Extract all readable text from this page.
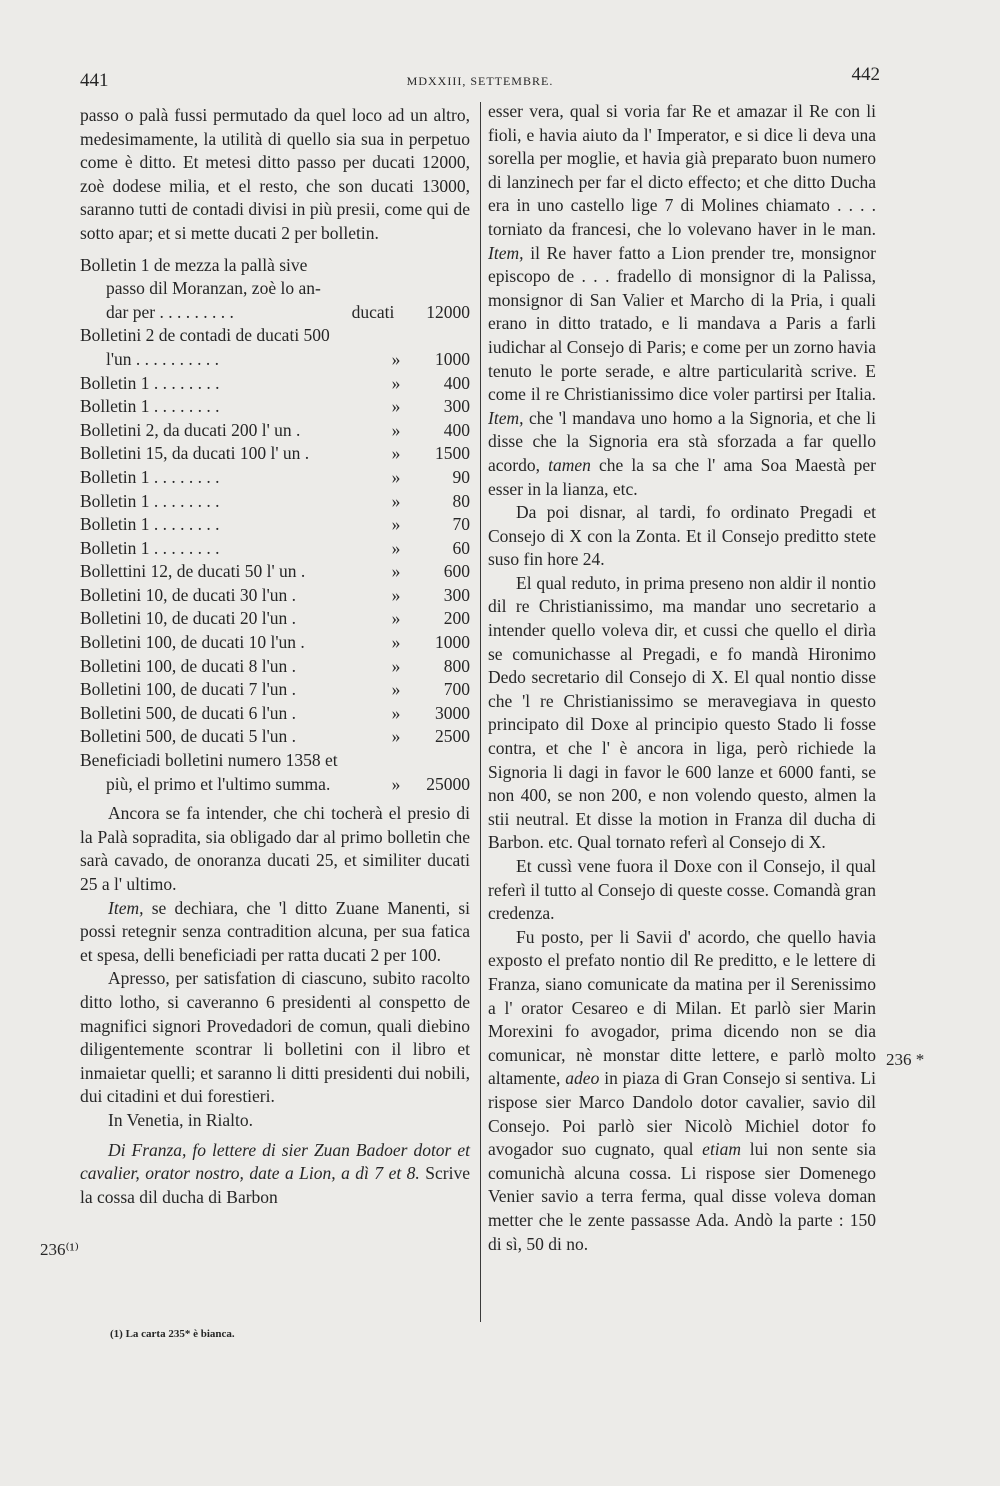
441	MDXXIII, SETTEMBRE.	442

passo o palà fussi permutado da quel loco ad un altro, medesimamente, la utilità di quello sia sua in perpetuo come è ditto. Et metesi ditto passo per ducati 12000, zoè dodese milia, et el resto, che son ducati 13000, saranno tutti de contadi divisi in più presii, come qui de sotto apar; et si mette ducati 2 per bolletin.

Bolletin 1 de mezza la pallà sive
passo dil Moranzan, zoè lo an-
dar per . . . . . . . . .	ducati	12000
Bolletini 2 de contadi de ducati 500
l'un . . . . . . . . . .	»	1000
Bolletin 1 . . . . . . . .	»	400
Bolletin 1 . . . . . . . .	»	300
Bolletini 2, da ducati 200 l' un .	»	400
Bolletini 15, da ducati 100 l' un .	»	1500
Bolletin 1 . . . . . . . .	»	90
Bolletin 1 . . . . . . . .	»	80
Bolletin 1 . . . . . . . .	»	70
Bolletin 1 . . . . . . . .	»	60
Bollettini 12, de ducati 50 l' un .	»	600
Bolletini 10, de ducati 30 l'un .	»	300
Bolletini 10, de ducati 20 l'un .	»	200
Bolletini 100, de ducati 10 l'un .	»	1000
Bolletini 100, de ducati 8 l'un .	»	800
Bolletini 100, de ducati 7 l'un .	»	700
Bolletini 500, de ducati 6 l'un .	»	3000
Bolletini 500, de ducati 5 l'un .	»	2500
Beneficiadi bolletini numero 1358 et
più, el primo et l'ultimo summa.	»	25000

Ancora se fa intender, che chi tocherà el presio di la Palà sopradita, sia obligado dar al primo bolletin che sarà cavado, de onoranza ducati 25, et similiter ducati 25 a l' ultimo.

Item, se dechiara, che 'l ditto Zuane Manenti, si possi retegnir senza contradition alcuna, per sua fatica et spesa, delli beneficiadi per ratta ducati 2 per 100.

Apresso, per satisfation di ciascuno, subito racolto ditto lotho, si caveranno 6 presidenti al conspetto de magnifici signori Provedadori de comun, quali diebino diligentemente scontrar li bolletini con il libro et inmaietar quelli; et saranno li ditti presidenti dui nobili, dui citadini et dui forestieri.

In Venetia, in Rialto.

Di Franza, fo lettere di sier Zuan Badoer dotor et cavalier, orator nostro, date a Lion, a dì 7 et 8. Scrive la cossa dil ducha di Barbon

esser vera, qual si voria far Re et amazar il Re con li fioli, e havia aiuto da l' Imperator, e si dice li deva una sorella per moglie, et havia già preparato buon numero di lanzinech per far el dicto effecto; et che ditto Ducha era in uno castello lige 7 di Molines chiamato . . . . torniato da francesi, che lo volevano haver in le man. Item, il Re haver fatto a Lion prender tre, monsignor episcopo de . . . fradello di monsignor di la Palissa, monsignor di San Valier et Marcho di la Pria, i quali erano in ditto tratado, e li mandava a Paris a farli iudichar al Consejo di Paris; e come per un zorno havia tenuto le porte serade, e altre particularità scrive. E come il re Christianissimo dice voler partirsi per Italia. Item, che 'l mandava uno homo a la Signoria, et che li disse che la Signoria era stà sforzada a far quello acordo, tamen che la sa che l' ama Soa Maestà per esser in la lianza, etc.

Da poi disnar, al tardi, fo ordinato Pregadi et Consejo di X con la Zonta. Et il Consejo preditto stete suso fin hore 24.

El qual reduto, in prima preseno non aldir il nontio dil re Christianissimo, ma mandar uno secretario a intender quello voleva dir, et cussi che quello el dirìa se comunichasse al Pregadi, e fo mandà Hironimo Dedo secretario dil Consejo di X. El qual nontio disse che 'l re Christianissimo se meravegiava in questo principato dil Doxe al principio questo Stado li fosse contra, et che l' è ancora in liga, però richiede la Signoria li dagi in favor le 600 lanze et 6000 fanti, se non 400, se non 200, e non volendo questo, almen la stii neutral. Et disse la motion in Franza dil ducha di Barbon. etc. Qual tornato referì al Consejo di X.

Et cussì vene fuora il Doxe con il Consejo, il qual referì il tutto al Consejo di queste cosse. Comandà gran credenza.

Fu posto, per li Savii d' acordo, che quello havia exposto el prefato nontio dil Re preditto, e le lettere di Franza, siano comunicate da matina per il Serenissimo a l' orator Cesareo e di Milan. Et parlò sier Marin Morexini fo avogador, prima dicendo non se dia comunicar, nè monstar ditte lettere, e parlò molto altamente, adeo in piaza di Gran Consejo si sentiva. Li rispose sier Marco Dandolo dotor cavalier, savio dil Consejo. Poi parlò sier Nicolò Michiel dotor fo avogador suo cugnato, qual etiam lui non sente sia comunichà alcuna cossa. Li rispose sier Domenego Venier savio a terra ferma, qual disse voleva doman metter che le zente passasse Ada. Andò la parte : 150 di sì, 50 di no.

236⁽¹⁾
236 *
(1) La carta 235* è bianca.
